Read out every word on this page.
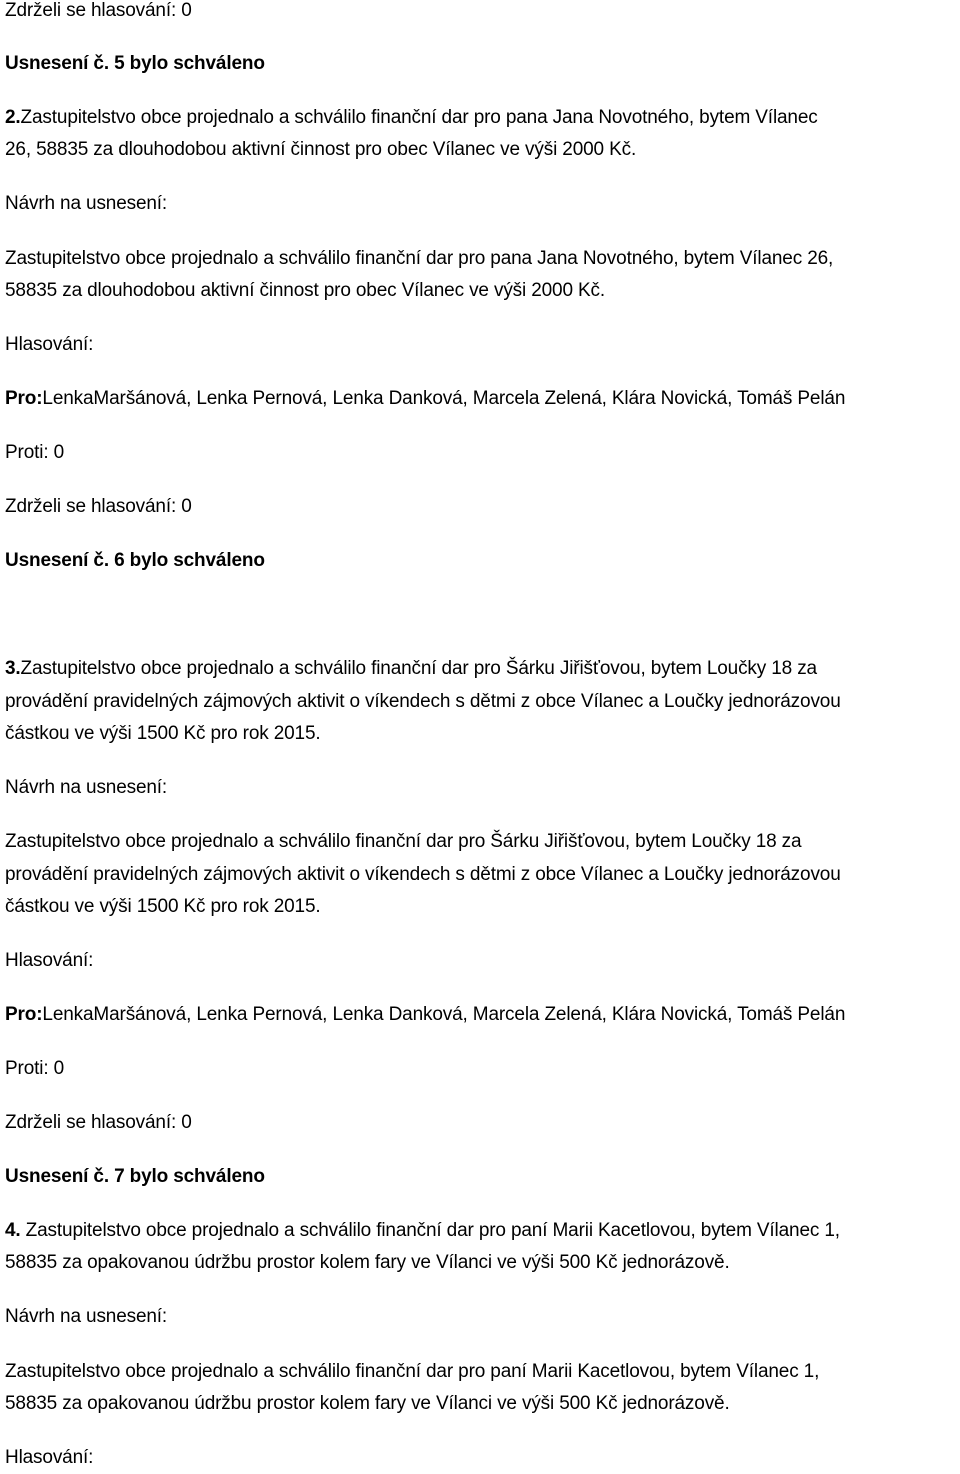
Zdrželi se hlasování: 0

Usnesení č. 5 bylo schváleno

2.Zastupitelstvo obce projednalo a schválilo finanční dar pro pana Jana Novotného, bytem Vílanec

26, 58835 za dlouhodobou aktivní činnost pro obec Vílanec ve výši 2000 Kč.

Návrh na usnesení:

Zastupitelstvo obce projednalo a schválilo finanční dar pro pana Jana Novotného, bytem Vílanec 26,

58835 za dlouhodobou aktivní činnost pro obec Vílanec ve výši 2000 Kč.

Hlasování:

Pro:LenkaMaršánová, Lenka Pernová, Lenka Danková, Marcela Zelená, Klára Novická, Tomáš Pelán

Proti: 0

Zdrželi se hlasování: 0

Usnesení č. 6 bylo schváleno

3.Zastupitelstvo obce projednalo a schválilo finanční dar pro Šárku Jiřišťovou, bytem Loučky 18 za

provádění pravidelných zájmových aktivit o víkendech s dětmi z obce Vílanec a Loučky jednorázovou

částkou ve výši 1500 Kč pro rok 2015.

Návrh na usnesení:

Zastupitelstvo obce projednalo a schválilo finanční dar pro Šárku Jiřišťovou, bytem Loučky 18 za

provádění pravidelných zájmových aktivit o víkendech s dětmi z obce Vílanec a Loučky jednorázovou

částkou ve výši 1500 Kč pro rok 2015.

Hlasování:

Pro:LenkaMaršánová, Lenka Pernová, Lenka Danková, Marcela Zelená, Klára Novická, Tomáš Pelán

Proti: 0

Zdrželi se hlasování: 0

Usnesení č. 7 bylo schváleno

4. Zastupitelstvo obce projednalo a schválilo finanční dar pro paní Marii Kacetlovou, bytem Vílanec 1,

58835 za opakovanou údržbu prostor kolem fary ve Vílanci ve výši 500 Kč jednorázově.

Návrh na usnesení:

Zastupitelstvo obce projednalo a schválilo finanční dar pro paní Marii Kacetlovou, bytem Vílanec 1,

58835 za opakovanou údržbu prostor kolem fary ve Vílanci ve výši 500 Kč jednorázově.

Hlasování:
